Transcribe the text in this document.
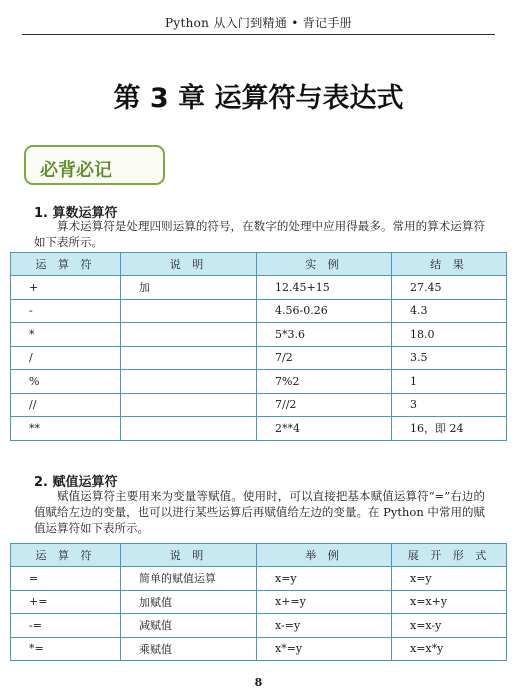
Python 从入门到精通 • 背记手册
第 3 章 运算符与表达式
必背必记
1. 算数运算符
算术运算符是处理四则运算的符号，在数字的处理中应用得最多。常用的算术运算符如下表所示。
运 算 符	说 明	实 例	结 果
+	加	12.45+15	27.45
-		4.56-0.26	4.3
*		5*3.6	18.0
/		7/2	3.5
%		7%2	1
//		7//2	3
**		2**4	16，即 24
2. 赋值运算符
赋值运算符主要用来为变量等赋值。使用时，可以直接把基本赋值运算符“=”右边的值赋给左边的变量，也可以进行某些运算后再赋值给左边的变量。在 Python 中常用的赋值运算符如下表所示。
运 算 符	说 明	举 例	展 开 形 式
=	简单的赋值运算	x=y	x=y
+=	加赋值	x+=y	x=x+y
-=	减赋值	x-=y	x=x-y
*=	乘赋值	x*=y	x=x*y
8
